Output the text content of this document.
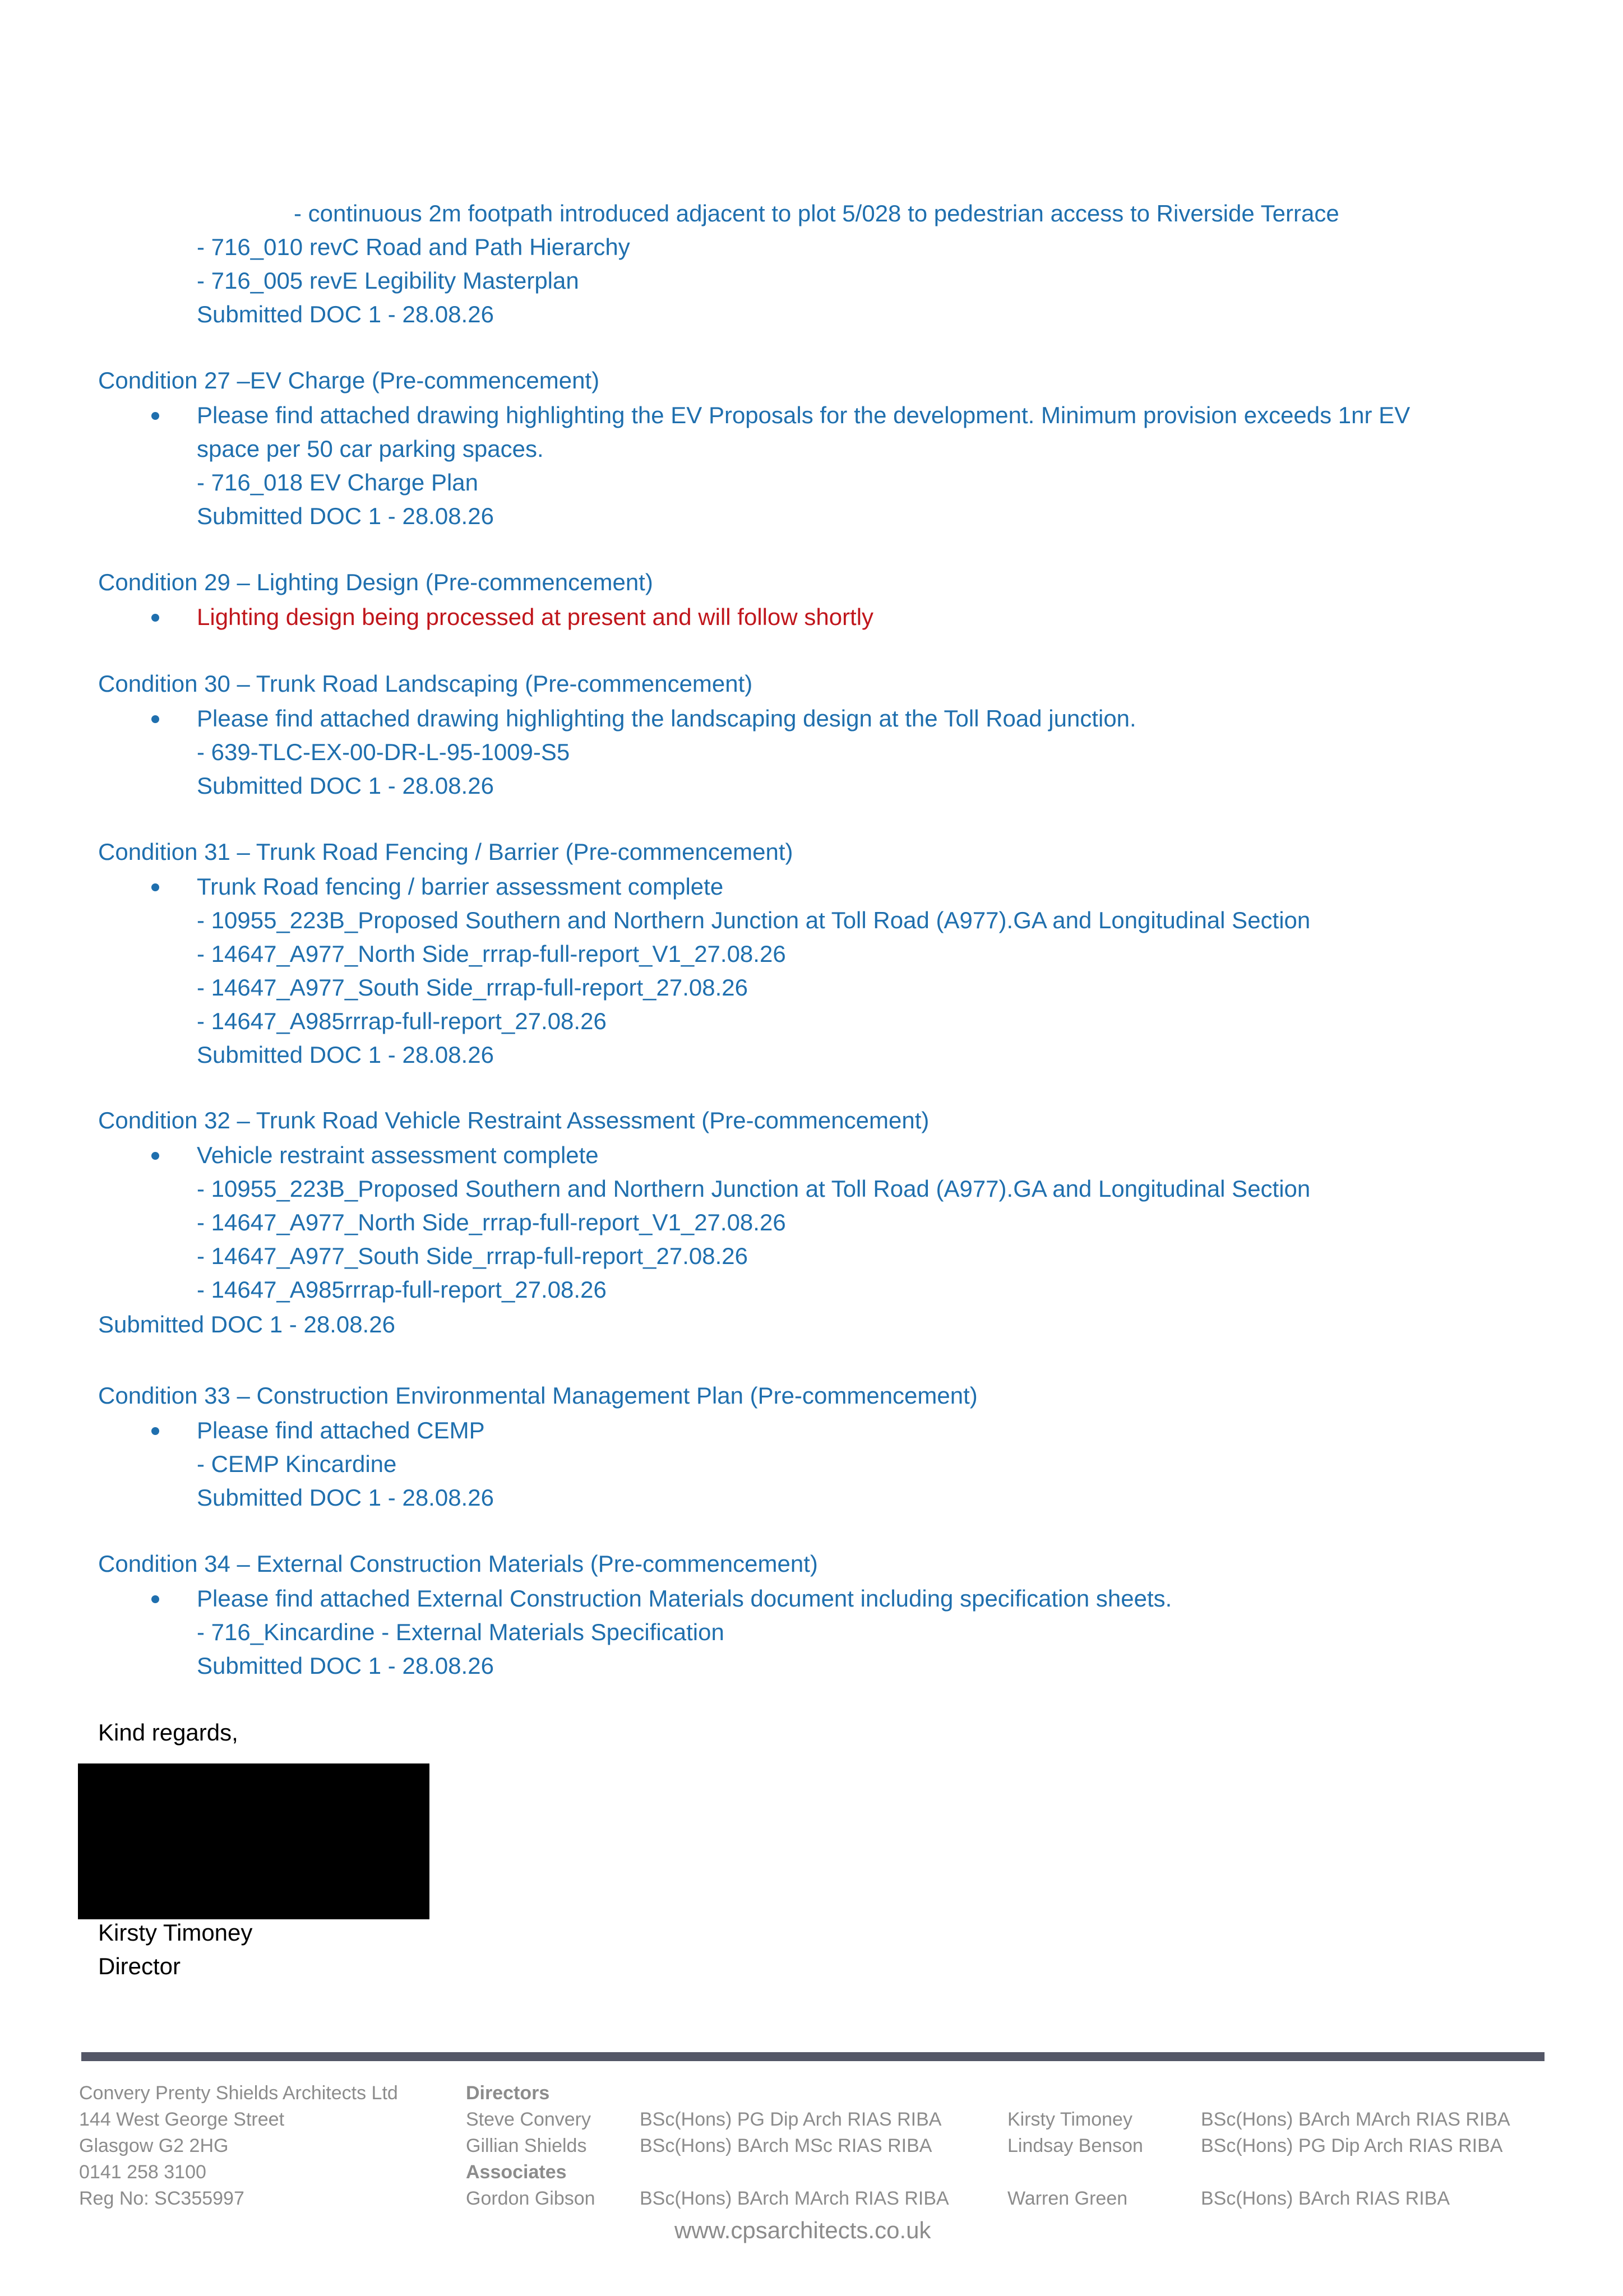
- continuous 2m footpath introduced adjacent to plot 5/028 to pedestrian access to Riverside Terrace
- 716_010 revC Road and Path Hierarchy
- 716_005 revE Legibility Masterplan
Submitted DOC 1 - 28.08.26
Condition 27 –EV Charge (Pre-commencement)
Please find attached drawing highlighting the EV Proposals for the development. Minimum provision exceeds 1nr EV
space per 50 car parking spaces.
- 716_018 EV Charge Plan
Submitted DOC 1 - 28.08.26
Condition 29 – Lighting Design (Pre-commencement)
Lighting design being processed at present and will follow shortly
Condition 30 – Trunk Road Landscaping (Pre-commencement)
Please find attached drawing highlighting the landscaping design at the Toll Road junction.
- 639-TLC-EX-00-DR-L-95-1009-S5
Submitted DOC 1 - 28.08.26
Condition 31 – Trunk Road Fencing / Barrier (Pre-commencement)
Trunk Road fencing / barrier assessment complete
- 10955_223B_Proposed Southern and Northern Junction at Toll Road (A977).GA and Longitudinal Section
- 14647_A977_North Side_rrrap-full-report_V1_27.08.26
- 14647_A977_South Side_rrrap-full-report_27.08.26
- 14647_A985rrrap-full-report_27.08.26
Submitted DOC 1 - 28.08.26
Condition 32 – Trunk Road Vehicle Restraint Assessment (Pre-commencement)
Vehicle restraint assessment complete
- 10955_223B_Proposed Southern and Northern Junction at Toll Road (A977).GA and Longitudinal Section
- 14647_A977_North Side_rrrap-full-report_V1_27.08.26
- 14647_A977_South Side_rrrap-full-report_27.08.26
- 14647_A985rrrap-full-report_27.08.26
Submitted DOC 1 - 28.08.26
Condition 33 – Construction Environmental Management Plan (Pre-commencement)
Please find attached CEMP
- CEMP Kincardine
Submitted DOC 1 - 28.08.26
Condition 34 – External Construction Materials (Pre-commencement)
Please find attached External Construction Materials document including specification sheets.
- 716_Kincardine - External Materials Specification
Submitted DOC 1 - 28.08.26
Kind regards,
Kirsty Timoney
Director
Convery Prenty Shields Architects Ltd
144 West George Street
Glasgow G2 2HG
0141 258 3100
Reg No: SC355997
Directors
Steve Convery	BSc(Hons) PG Dip Arch RIAS RIBA
Gillian Shields	BSc(Hons) BArch MSc RIAS RIBA
Associates
Gordon Gibson BSc(Hons) BArch MArch RIAS RIBA
Kirsty Timoney	BSc(Hons) BArch MArch RIAS RIBA
Lindsay Benson	BSc(Hons) PG Dip Arch RIAS RIBA
Warren Green	BSc(Hons) BArch RIAS RIBA
www.cpsarchitects.co.uk
